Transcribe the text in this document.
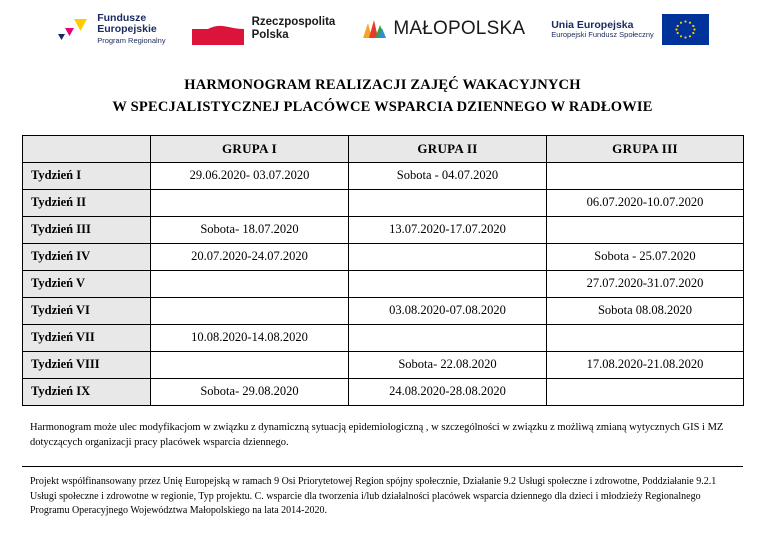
Fundusze
Europejskie
Program Regionalny
Rzeczpospolita
Polska	MAŁOPOLSKA Unia Europejska
Europejski Fundusz Społeczny
HARMONOGRAM REALIZACJI ZAJĘĆ WAKACYJNYCH
W SPECJALISTYCZNEJ PLACÓWCE WSPARCIA DZIENNEGO W RADŁOWIE
	GRUPA I	GRUPA II	GRUPA III
Tydzień I	29.06.2020- 03.07.2020	Sobota - 04.07.2020	
Tydzień II			06.07.2020-10.07.2020
Tydzień III	Sobota- 18.07.2020	13.07.2020-17.07.2020	
Tydzień IV	20.07.2020-24.07.2020		Sobota - 25.07.2020
Tydzień V			27.07.2020-31.07.2020
Tydzień VI		03.08.2020-07.08.2020	Sobota 08.08.2020
Tydzień VII	10.08.2020-14.08.2020		
Tydzień VIII		Sobota- 22.08.2020	17.08.2020-21.08.2020
Tydzień IX	Sobota- 29.08.2020	24.08.2020-28.08.2020	
Harmonogram może ulec modyfikacjom w związku z dynamiczną sytuacją epidemiologiczną , w szczególności w związku z możliwą zmianą wytycznych GIS i MZ dotyczących organizacji pracy placówek wsparcia dziennego.
Projekt współfinansowany przez Unię Europejską w ramach 9 Osi Priorytetowej Region spójny społecznie, Działanie 9.2 Usługi społeczne i zdrowotne, Poddziałanie 9.2.1 Usługi społeczne i zdrowotne w regionie, Typ projektu. C. wsparcie dla tworzenia i/lub działalności placówek wsparcia dziennego dla dzieci i młodzieży Regionalnego Programu Operacyjnego Województwa Małopolskiego na lata 2014-2020.
